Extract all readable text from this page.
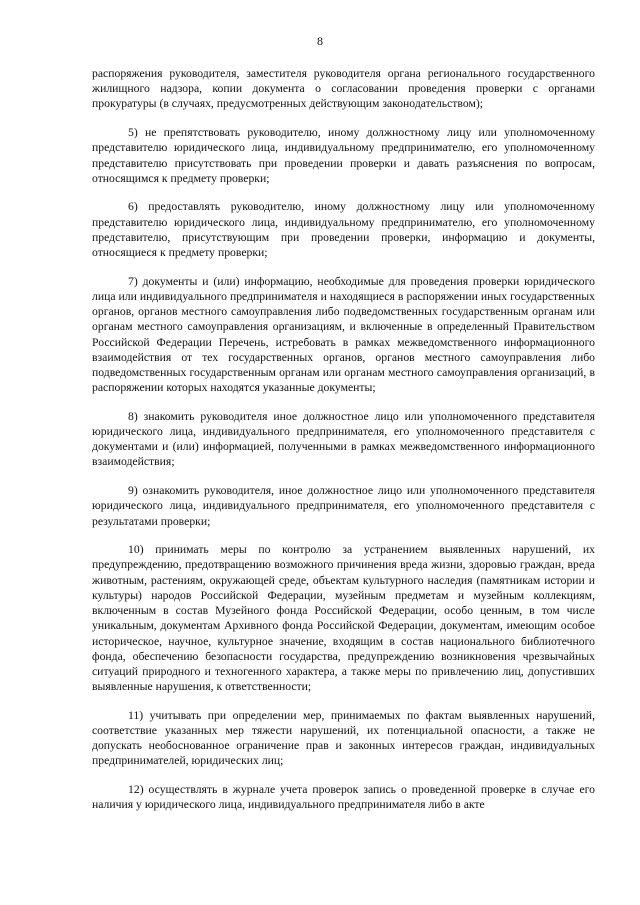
8

распоряжения руководителя, заместителя руководителя органа регионального государственного жилищного надзора, копии документа о согласовании проведения проверки с органами прокуратуры (в случаях, предусмотренных действующим законодательством);

5) не препятствовать руководителю, иному должностному лицу или уполномоченному представителю юридического лица, индивидуальному предпринимателю, его уполномоченному представителю присутствовать при проведении проверки и давать разъяснения по вопросам, относящимся к предмету проверки;

6) предоставлять руководителю, иному должностному лицу или уполномоченному представителю юридического лица, индивидуальному предпринимателю, его уполномоченному представителю, присутствующим при проведении проверки, информацию и документы, относящиеся к предмету проверки;

7) документы и (или) информацию, необходимые для проведения проверки юридического лица или индивидуального предпринимателя и находящиеся в распоряжении иных государственных органов, органов местного самоуправления либо подведомственных государственным органам или органам местного самоуправления организациям, и включенные в определенный Правительством Российской Федерации Перечень, истребовать в рамках межведомственного информационного взаимодействия от тех государственных органов, органов местного самоуправления либо подведомственных государственным органам или органам местного самоуправления организаций, в распоряжении которых находятся указанные документы;

8) знакомить руководителя иное должностное лицо или уполномоченного представителя юридического лица, индивидуального предпринимателя, его уполномоченного представителя с документами и (или) информацией, полученными в рамках межведомственного информационного взаимодействия;

9) ознакомить руководителя, иное должностное лицо или уполномоченного представителя юридического лица, индивидуального предпринимателя, его уполномоченного представителя с результатами проверки;

10) принимать меры по контролю за устранением выявленных нарушений, их предупреждению, предотвращению возможного причинения вреда жизни, здоровью граждан, вреда животным, растениям, окружающей среде, объектам культурного наследия (памятникам истории и культуры) народов Российской Федерации, музейным предметам и музейным коллекциям, включенным в состав Музейного фонда Российской Федерации, особо ценным, в том числе уникальным, документам Архивного фонда Российской Федерации, документам, имеющим особое историческое, научное, культурное значение, входящим в состав национального библиотечного фонда, обеспечению безопасности государства, предупреждению возникновения чрезвычайных ситуаций природного и техногенного характера, а также меры по привлечению лиц, допустивших выявленные нарушения, к ответственности;

11) учитывать при определении мер, принимаемых по фактам выявленных нарушений, соответствие указанных мер тяжести нарушений, их потенциальной опасности, а также не допускать необоснованное ограничение прав и законных интересов граждан, индивидуальных предпринимателей, юридических лиц;

12) осуществлять в журнале учета проверок запись о проведенной проверке в случае его наличия у юридического лица, индивидуального предпринимателя либо в акте
